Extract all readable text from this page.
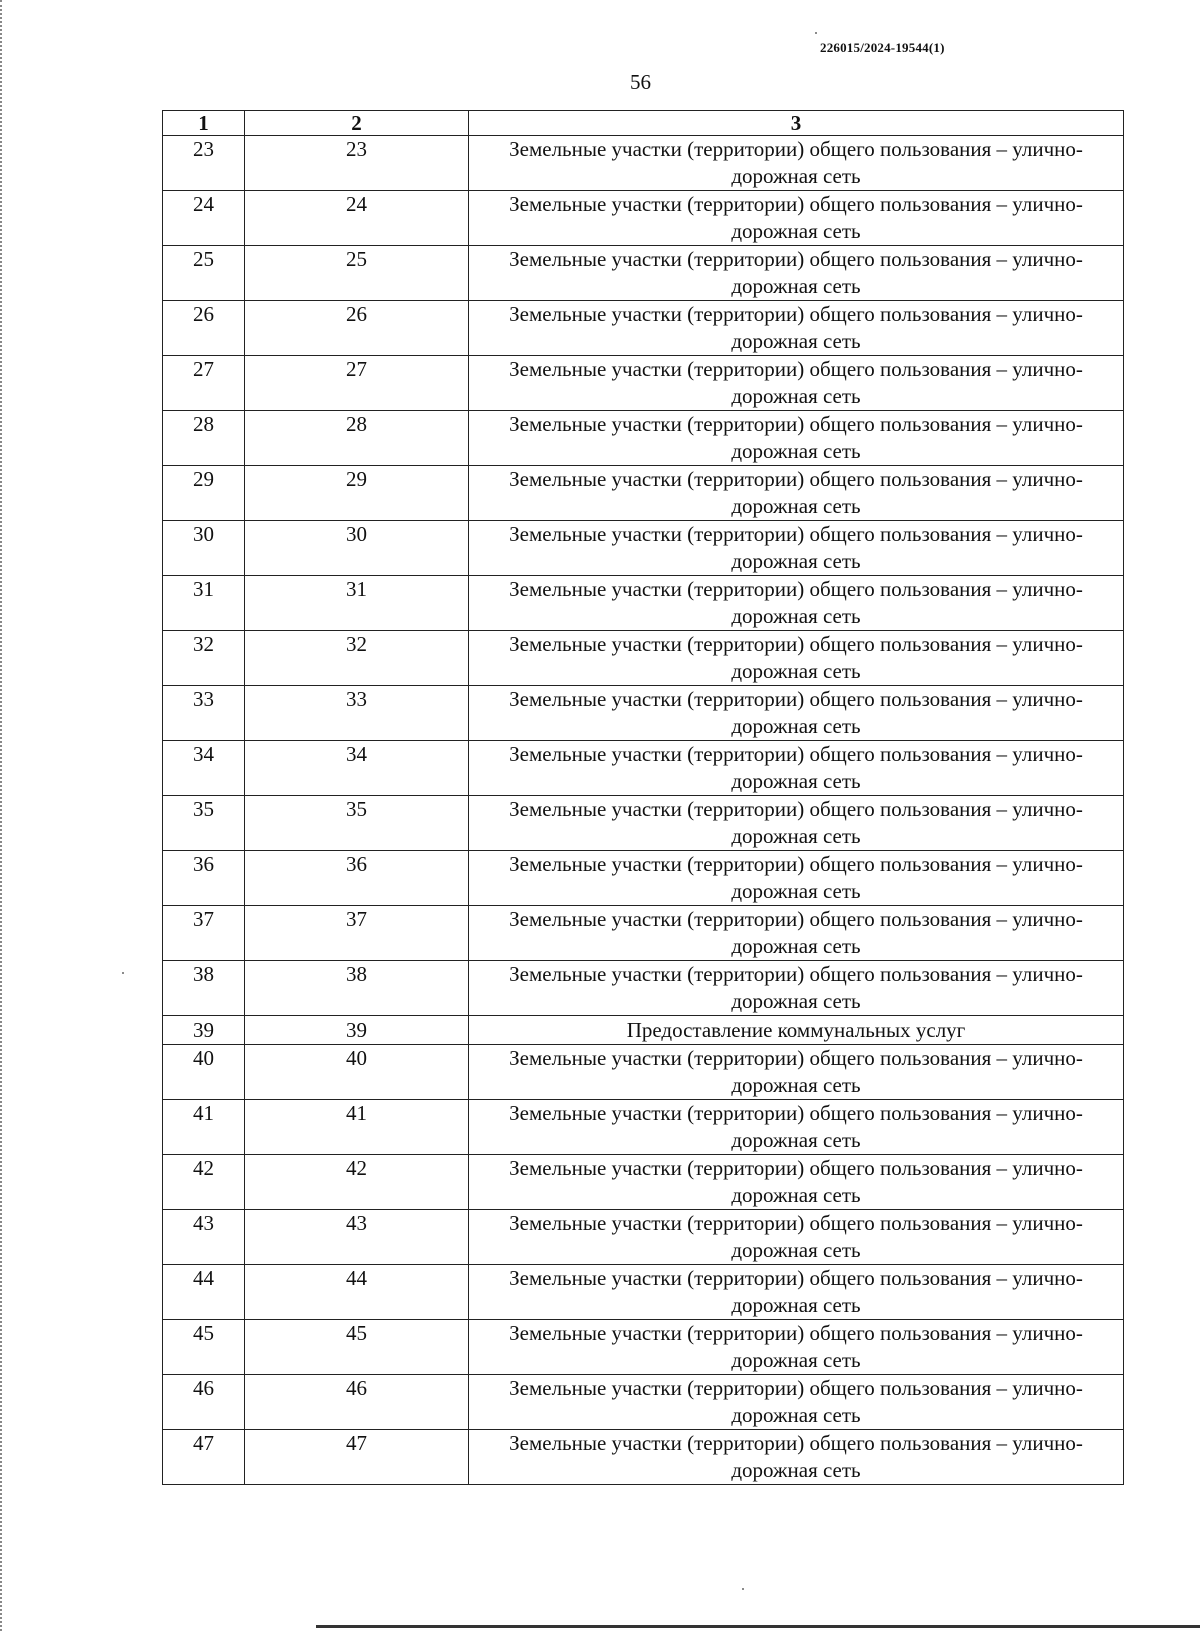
226015/2024-19544(1)
56
1	2	3
23	23	Земельные участки (территории) общего пользования – улично-дорожная сеть
24	24	Земельные участки (территории) общего пользования – улично-дорожная сеть
25	25	Земельные участки (территории) общего пользования – улично-дорожная сеть
26	26	Земельные участки (территории) общего пользования – улично-дорожная сеть
27	27	Земельные участки (территории) общего пользования – улично-дорожная сеть
28	28	Земельные участки (территории) общего пользования – улично-дорожная сеть
29	29	Земельные участки (территории) общего пользования – улично-дорожная сеть
30	30	Земельные участки (территории) общего пользования – улично-дорожная сеть
31	31	Земельные участки (территории) общего пользования – улично-дорожная сеть
32	32	Земельные участки (территории) общего пользования – улично-дорожная сеть
33	33	Земельные участки (территории) общего пользования – улично-дорожная сеть
34	34	Земельные участки (территории) общего пользования – улично-дорожная сеть
35	35	Земельные участки (территории) общего пользования – улично-дорожная сеть
36	36	Земельные участки (территории) общего пользования – улично-дорожная сеть
37	37	Земельные участки (территории) общего пользования – улично-дорожная сеть
38	38	Земельные участки (территории) общего пользования – улично-дорожная сеть
39	39	Предоставление коммунальных услуг
40	40	Земельные участки (территории) общего пользования – улично-дорожная сеть
41	41	Земельные участки (территории) общего пользования – улично-дорожная сеть
42	42	Земельные участки (территории) общего пользования – улично-дорожная сеть
43	43	Земельные участки (территории) общего пользования – улично-дорожная сеть
44	44	Земельные участки (территории) общего пользования – улично-дорожная сеть
45	45	Земельные участки (территории) общего пользования – улично-дорожная сеть
46	46	Земельные участки (территории) общего пользования – улично-дорожная сеть
47	47	Земельные участки (территории) общего пользования – улично-дорожная сеть
